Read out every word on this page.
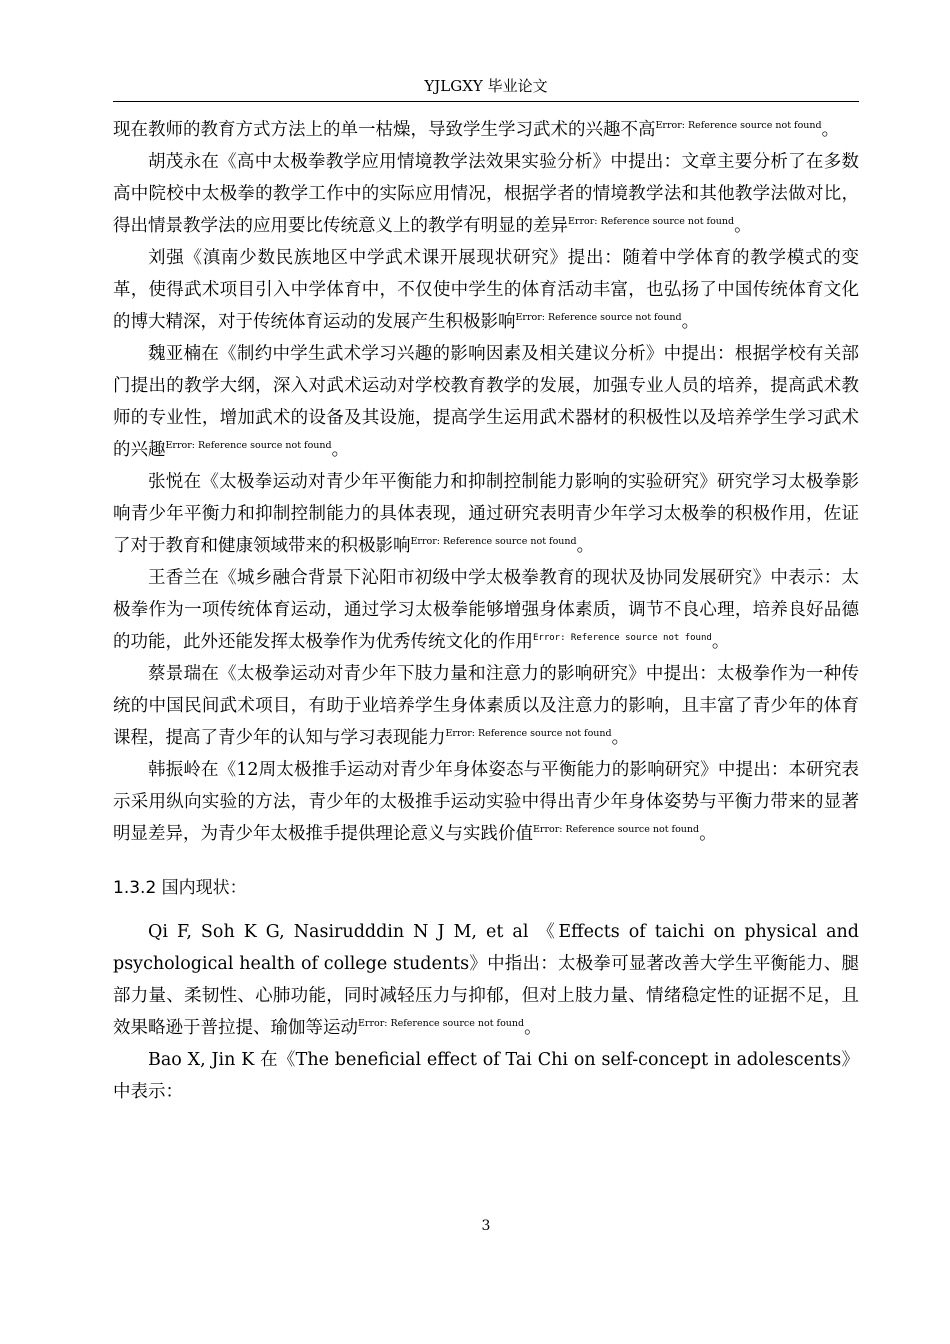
YJLGXY 毕业论文

现在教师的教育方式方法上的单一枯燥，导致学生学习武术的兴趣不高$^{Error: Reference source not found}$。

胡茂永在《高中太极拳教学应用情境教学法效果实验分析》中提出：文章主要分析了在多数高中院校中太极拳的教学工作中的实际应用情况，根据学者的情境教学法和其他教学法做对比，得出情景教学法的应用要比传统意义上的教学有明显的差异$^{Error: Reference source not found}$。

刘强《滇南少数民族地区中学武术课开展现状研究》提出：随着中学体育的教学模式的变革，使得武术项目引入中学体育中，不仅使中学生的体育活动丰富，也弘扬了中国传统体育文化的博大精深，对于传统体育运动的发展产生积极影响$^{Error: Reference source not found}$。

魏亚楠在《制约中学生武术学习兴趣的影响因素及相关建议分析》中提出：根据学校有关部门提出的教学大纲，深入对武术运动对学校教育教学的发展，加强专业人员的培养，提高武术教师的专业性，增加武术的设备及其设施，提高学生运用武术器材的积极性以及培养学生学习武术的兴趣$^{Error: Reference source not found}$。

张悦在《太极拳运动对青少年平衡能力和抑制控制能力影响的实验研究》研究学习太极拳影响青少年平衡力和抑制控制能力的具体表现，通过研究表明青少年学习太极拳的积极作用，佐证了对于教育和健康领域带来的积极影响$^{Error: Reference source not found}$。

王香兰在《城乡融合背景下沁阳市初级中学太极拳教育的现状及协同发展研究》中表示：太极拳作为一项传统体育运动，通过学习太极拳能够增强身体素质，调节不良心理，培养良好品德的功能，此外还能发挥太极拳作为优秀传统文化的作用$^{Error: Reference source not found}$。

蔡景瑞在《太极拳运动对青少年下肢力量和注意力的影响研究》中提出：太极拳作为一种传统的中国民间武术项目，有助于业培养学生身体素质以及注意力的影响，且丰富了青少年的体育课程，提高了青少年的认知与学习表现能力$^{Error: Reference source not found}$。

韩振岭在《12周太极推手运动对青少年身体姿态与平衡能力的影响研究》中提出：本研究表示采用纵向实验的方法，青少年的太极推手运动实验中得出青少年身体姿势与平衡力带来的显著明显差异，为青少年太极推手提供理论意义与实践价值$^{Error: Reference source not found}$。

1.3.2 国内现状：

Qi F, Soh K G, Nasirudddin N J M, et al 《Effects of taichi on physical and psychological health of college students》中指出：太极拳可显著改善大学生平衡能力、腿部力量、柔韧性、心肺功能，同时减轻压力与抑郁，但对上肢力量、情绪稳定性的证据不足，且效果略逊于普拉提、瑜伽等运动$^{Error: Reference source not found}$。

Bao X, Jin K 在《The beneficial effect of Tai Chi on self-concept in adolescents》中表示：

3
